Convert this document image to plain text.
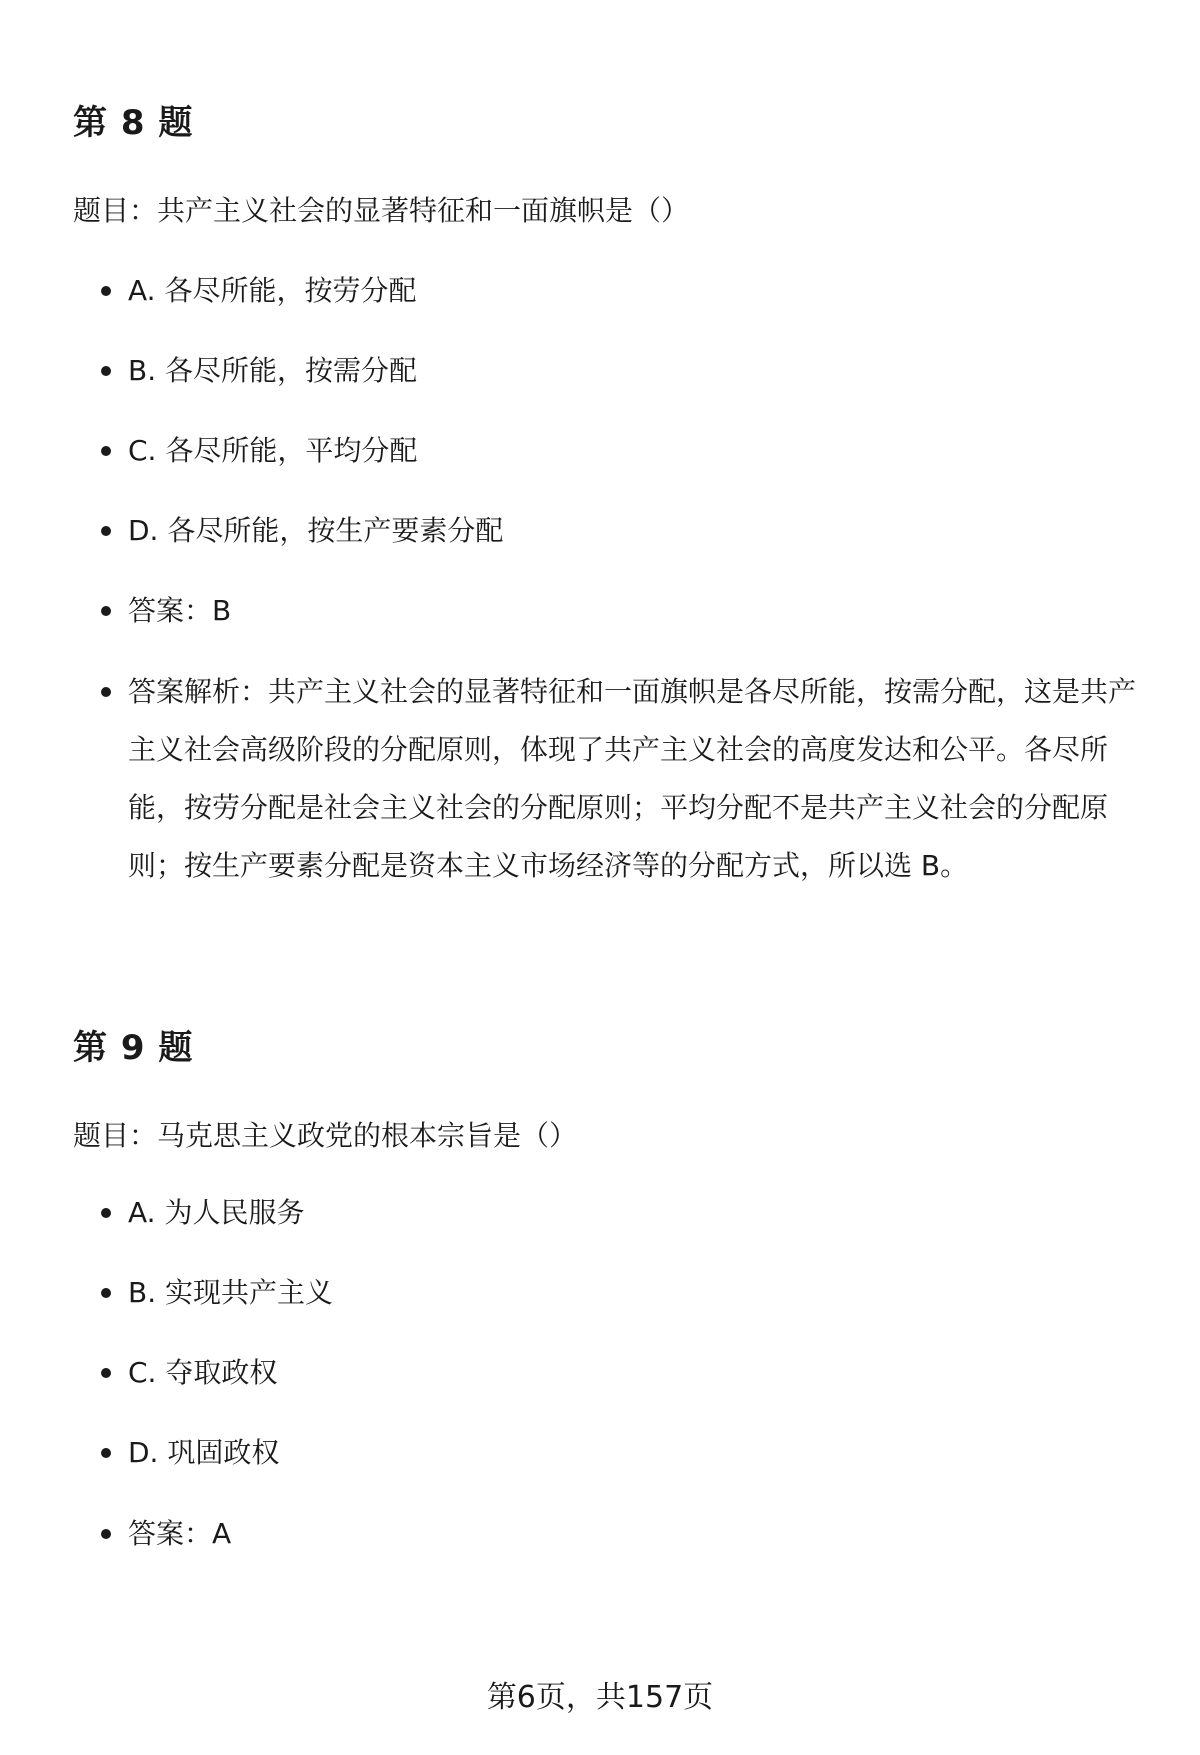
第 8 题

题目：共产主义社会的显著特征和一面旗帜是（）

A. 各尽所能，按劳分配
B. 各尽所能，按需分配
C. 各尽所能，平均分配
D. 各尽所能，按生产要素分配
答案：B
答案解析：共产主义社会的显著特征和一面旗帜是各尽所能，按需分配，这是共产主义社会高级阶段的分配原则，体现了共产主义社会的高度发达和公平。各尽所能，按劳分配是社会主义社会的分配原则；平均分配不是共产主义社会的分配原则；按生产要素分配是资本主义市场经济等的分配方式，所以选 B。
第 9 题

题目：马克思主义政党的根本宗旨是（）

A. 为人民服务
B. 实现共产主义
C. 夺取政权
D. 巩固政权
答案：A
第6页，共157页
